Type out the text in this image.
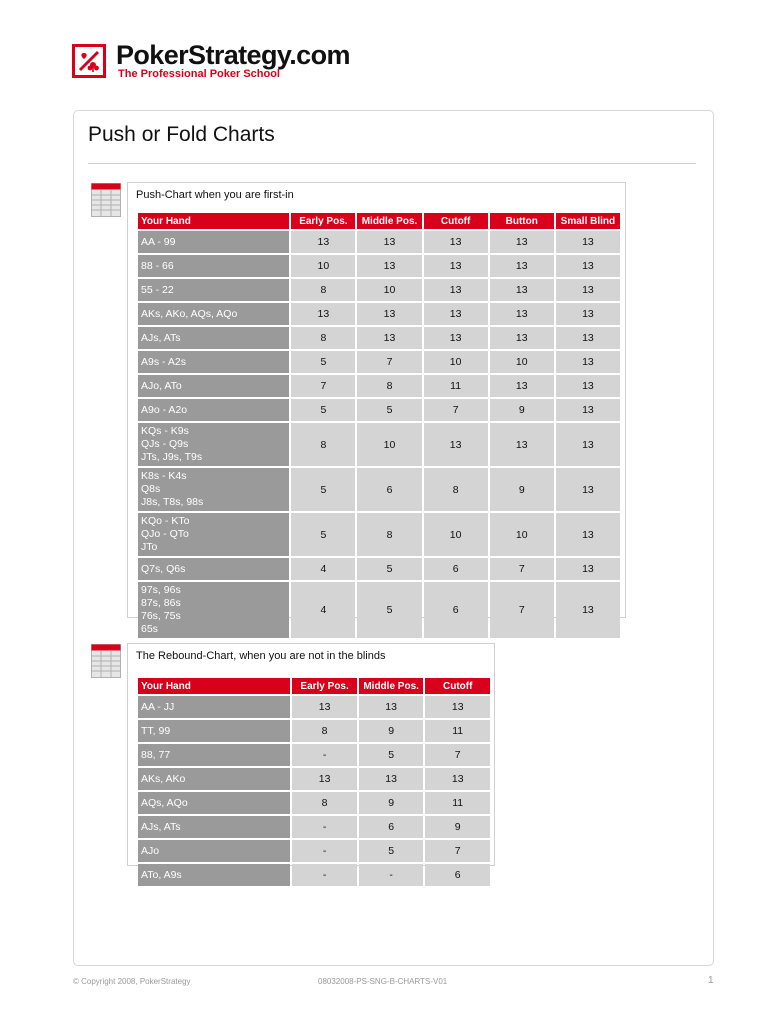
PokerStrategy.com
The Professional Poker School
Push or Fold Charts
Push-Chart when you are first-in
Your Hand	Early Pos.	Middle Pos.	Cutoff	Button	Small Blind

AA - 99	13	13	13	13	13

88 - 66	10	13	13	13	13

55 - 22	8	10	13	13	13

AKs, AKo, AQs, AQo	13	13	13	13	13

AJs, ATs	8	13	13	13	13

A9s - A2s	5	7	10	10	13

AJo, ATo	7	8	11	13	13

A9o - A2o	5	5	7	9	13

KQs - K9s
QJs - Q9s
JTs, J9s, T9s	8	10	13	13	13

K8s - K4s
Q8s
J8s, T8s, 98s	5	6	8	9	13

KQo - KTo
QJo - QTo
JTo	5	8	10	10	13

Q7s, Q6s	4	5	6	7	13

97s, 96s
87s, 86s
76s, 75s
65s	4	5	6	7	13
The Rebound-Chart, when you are not in the blinds
Your Hand	Early Pos.	Middle Pos.	Cutoff

AA - JJ	13	13	13

TT, 99	8	9	11

88, 77	-	5	7

AKs, AKo	13	13	13

AQs, AQo	8	9	11

AJs, ATs	-	6	9

AJo	-	5	7

ATo, A9s	-	-	6
© Copyright 2008, PokerStrategy	08032008-PS-SNG-B-CHARTS-V01	1
